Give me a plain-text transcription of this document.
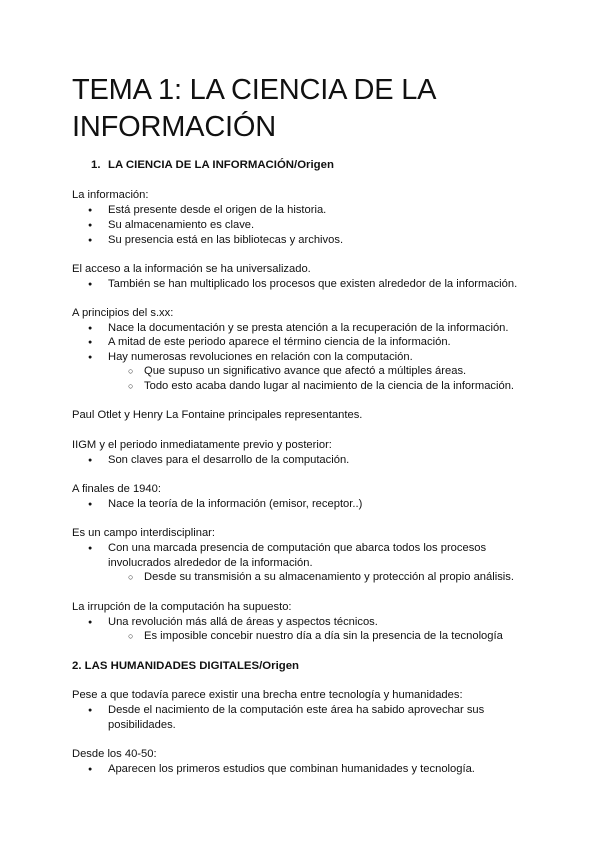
TEMA 1: LA CIENCIA DE LA INFORMACIÓN
1. LA CIENCIA DE LA INFORMACIÓN/Origen
La información:
● Está presente desde el origen de la historia.
● Su almacenamiento es clave.
● Su presencia está en las bibliotecas y archivos.
El acceso a la información se ha universalizado.
● También se han multiplicado los procesos que existen alrededor de la información.
A principios del s.xx:
● Nace la documentación y se presta atención a la recuperación de la información.
● A mitad de este periodo aparece el término ciencia de la información.
● Hay numerosas revoluciones en relación con la computación.
○ Que supuso un significativo avance que afectó a múltiples áreas.
○ Todo esto acaba dando lugar al nacimiento de la ciencia de la información.
Paul Otlet y Henry La Fontaine principales representantes.
IIGM y el periodo inmediatamente previo y posterior:
● Son claves para el desarrollo de la computación.
A finales de 1940:
● Nace la teoría de la información (emisor, receptor..)
Es un campo interdisciplinar:
● Con una marcada presencia de computación que abarca todos los procesos involucrados alrededor de la información.
○ Desde su transmisión a su almacenamiento y protección al propio análisis.
La irrupción de la computación ha supuesto:
● Una revolución más allá de áreas y aspectos técnicos.
○ Es imposible concebir nuestro día a día sin la presencia de la tecnología
2. LAS HUMANIDADES DIGITALES/Origen
Pese a que todavía parece existir una brecha entre tecnología y humanidades:
● Desde el nacimiento de la computación este área ha sabido aprovechar sus posibilidades.
Desde los 40-50:
● Aparecen los primeros estudios que combinan humanidades y tecnología.
